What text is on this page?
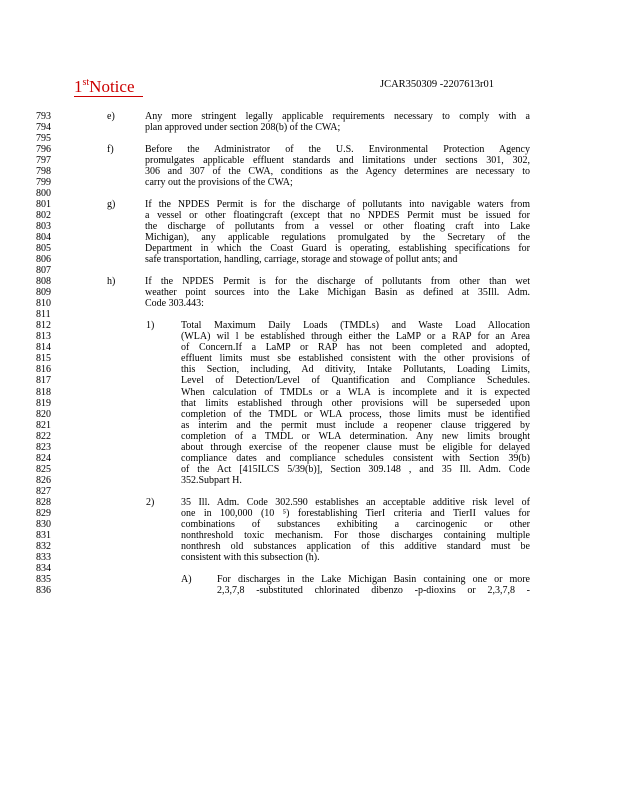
1stNotice	JCAR350309 -2207613r01
793	e)	Any more stringent legally applicable requirements necessary to comply with a
794	plan approved under section 208(b) of the CWA;
795
796	f)	Before the Administrator of the U.S. Environmental Protection Agency
797	promulgates applicable effluent standards and limitations under sections 301, 302,
798	306 and 307 of the CWA, conditions as the Agency determines are necessary to
799	carry out the provisions of the CWA;
800
801	g)	If the NPDES Permit is for the discharge of pollutants into navigable waters from
802	a vessel or other floatingcraft (except that no NPDES Permit must be issued for
803	the discharge of pollutants from a vessel or other floating craft into Lake
804	Michigan), any applicable regulations promulgated by the Secretary of the
805	Department in which the Coast Guard is operating, establishing specifications for
806	safe transportation, handling, carriage, storage and stowage of pollut ants; and
807
808	h)	If the NPDES Permit is for the discharge of pollutants from other than wet
809	weather point sources into the Lake Michigan Basin as defined at 35Ill. Adm.
810	Code 303.443:
811
812	1)	Total Maximum Daily Loads (TMDLs) and Waste Load Allocation
813	(WLA) wil l be established through either the LaMP or a RAP for an Area
814	of Concern.If a LaMP or RAP has not been completed and adopted,
815	effluent limits must sbe established consistent with the other provisions of
816	this Section, including, Ad ditivity, Intake Pollutants, Loading Limits,
817	Level of Detection/Level of Quantification and Compliance Schedules.
818	When calculation of TMDLs or a WLA is incomplete and it is expected
819	that limits established through other provisions will be superseded upon
820	completion of the TMDL or WLA process, those limits must be identified
821	as interim and the permit must include a reopener clause triggered by
822	completion of a TMDL or WLA determination. Any new limits brought
823	about through exercise of the reopener clause must be eligible for delayed
824	compliance dates and compliance schedules consistent with Section 39(b)
825	of the Act [415ILCS 5/39(b)], Section 309.148 , and 35 Ill. Adm. Code
826	352.Subpart H.
827
828	2)	35 Ill. Adm. Code 302.590 establishes an acceptable additive risk level of
829	one in 100,000 (10 ⁵) forestablishing TierI criteria and TierII values for
830	combinations of substances exhibiting a carcinogenic or other
831	nonthreshold toxic mechanism. For those discharges containing multiple
832	nonthresh old substances application of this additive standard must be
833	consistent with this subsection (h).
834
835	A)	For discharges in the Lake Michigan Basin containing one or more
836	2,3,7,8 -substituted chlorinated dibenzo -p-dioxins or 2,3,7,8 -
